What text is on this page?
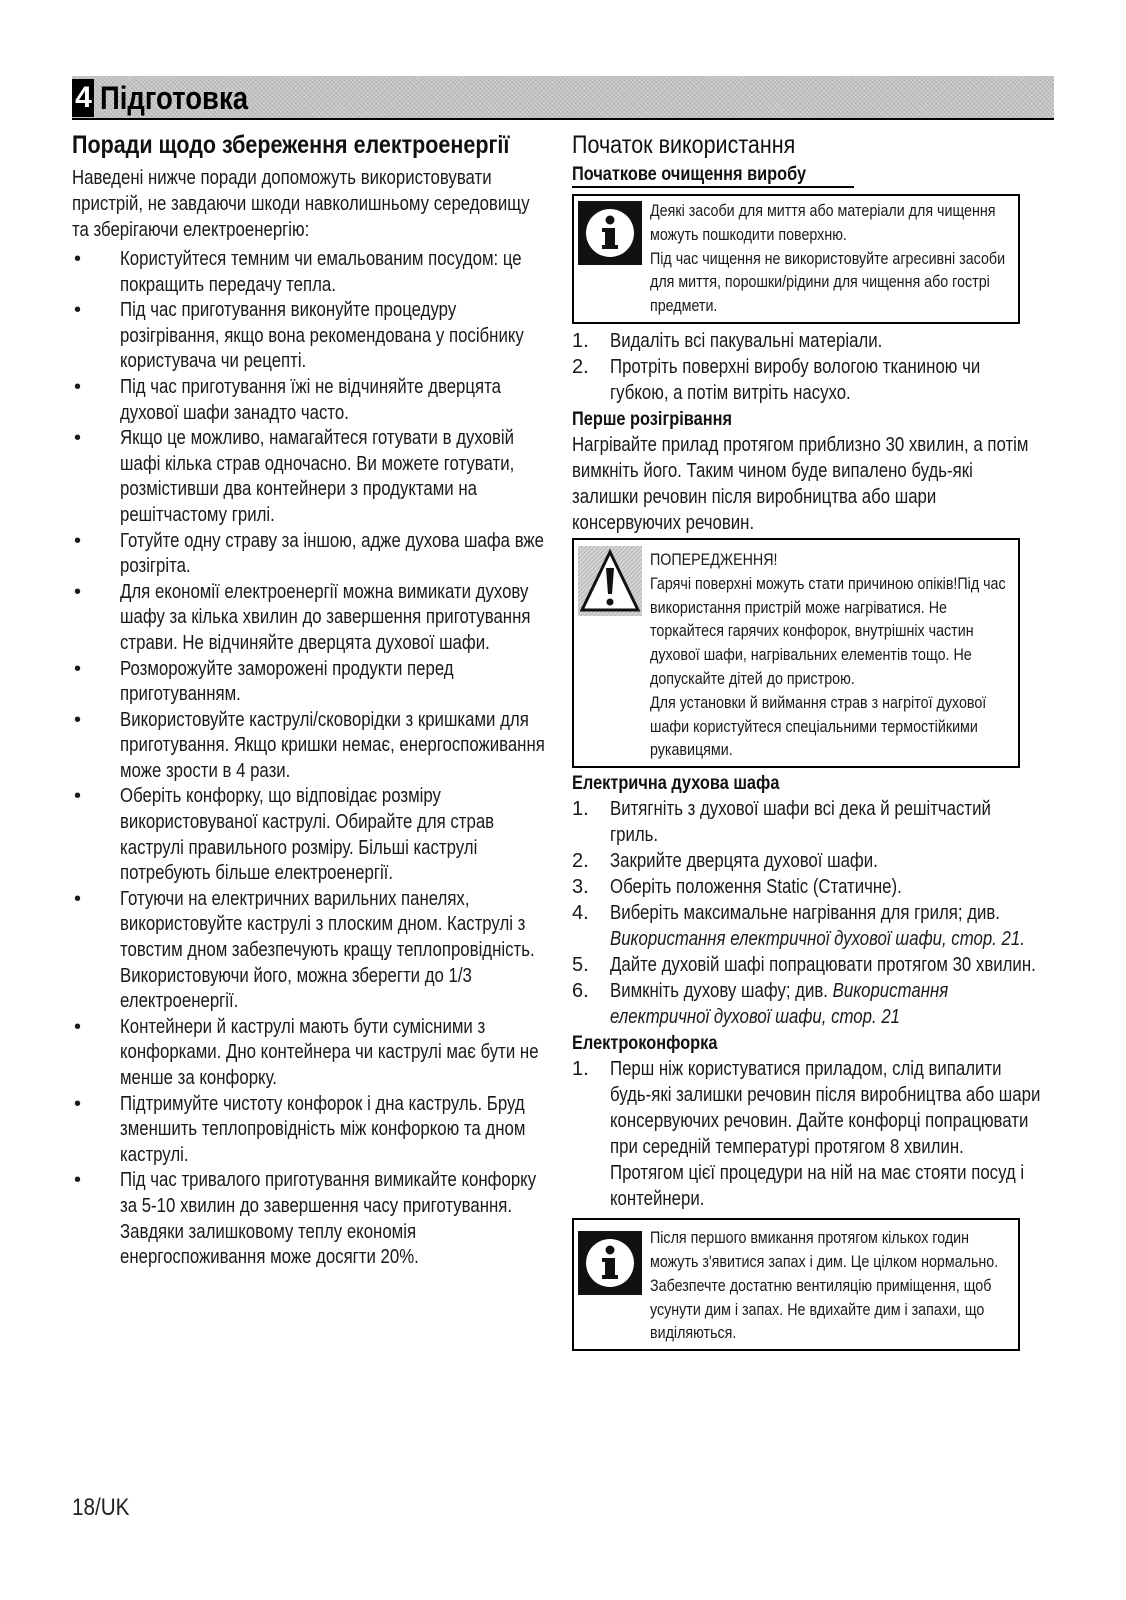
4 Підготовка
Поради щодо збереження електроенергії

Наведені нижче поради допоможуть використовувати пристрій, не завдаючи шкоди навколишньому середовищу та зберігаючи електроенергію:

• Користуйтеся темним чи емальованим посудом: це покращить передачу тепла.
• Під час приготування виконуйте процедуру розігрівання, якщо вона рекомендована у посібнику користувача чи рецепті.
• Під час приготування їжі не відчиняйте дверцята духової шафи занадто часто.
• Якщо це можливо, намагайтеся готувати в духовій шафі кілька страв одночасно. Ви можете готувати, розмістивши два контейнери з продуктами на решітчастому грилі.
• Готуйте одну страву за іншою, адже духова шафа вже розігріта.
• Для економії електроенергії можна вимикати духову шафу за кілька хвилин до завершення приготування страви. Не відчиняйте дверцята духової шафи.
• Розморожуйте заморожені продукти перед приготуванням.
• Використовуйте каструлі/сковорідки з кришками для приготування. Якщо кришки немає, енергоспоживання може зрости в 4 рази.
• Оберіть конфорку, що відповідає розміру використовуваної каструлі. Обирайте для страв каструлі правильного розміру. Більші каструлі потребують більше електроенергії.
• Готуючи на електричних варильних панелях, використовуйте каструлі з плоским дном. Каструлі з товстим дном забезпечують кращу теплопровідність. Використовуючи його, можна зберегти до 1/3 електроенергії.
• Контейнери й каструлі мають бути сумісними з конфорками. Дно контейнера чи каструлі має бути не менше за конфорку.
• Підтримуйте чистоту конфорок і дна каструль. Бруд зменшить теплопровідність між конфоркою та дном каструлі.
• Під час тривалого приготування вимикайте конфорку за 5-10 хвилин до завершення часу приготування. Завдяки залишковому теплу економія енергоспоживання може досягти 20%.
Початок використання
Початкове очищення виробу
Деякі засоби для миття або матеріали для чищення можуть пошкодити поверхню.
Під час чищення не використовуйте агресивні засоби для миття, порошки/рідини для чищення або гострі предмети.
1.	Видаліть всі пакувальні матеріали.
2.	Протріть поверхні виробу вологою тканиною чи губкою, а потім витріть насухо.
Перше розігрівання

Нагрівайте прилад протягом приблизно 30 хвилин, а потім вимкніть його. Таким чином буде випалено будь-які залишки речовин після виробництва або шари консервуючих речовин.

ПОПЕРЕДЖЕННЯ!
Гарячі поверхні можуть стати причиною опіків!Під час використання пристрій може нагріватися. Не торкайтеся гарячих конфорок, внутрішніх частин духової шафи, нагрівальних елементів тощо. Не допускайте дітей до пристрою.
Для установки й виймання страв з нагрітої духової шафи користуйтеся спеціальними термостійкими рукавицями.
Електрична духова шафа
1.	Витягніть з духової шафи всі дека й решітчастий гриль.
2.	Закрийте дверцята духової шафи.
3.	Оберіть положення Static (Статичне).
4.	Виберіть максимальне нагрівання для гриля; див. Використання електричної духової шафи, стор. 21.
5.	Дайте духовій шафі попрацювати протягом 30 хвилин.
6.	Вимкніть духову шафу; див. Використання електричної духової шафи, стор. 21
Електроконфорка
1.	Перш ніж користуватися приладом, слід випалити будь-які залишки речовин після виробництва або шари консервуючих речовин. Дайте конфорці попрацювати при середній температурі протягом 8 хвилин. Протягом цієї процедури на ній на має стояти посуд і контейнери.
Після першого вмикання протягом кількох годин можуть з'явитися запах і дим. Це цілком нормально. Забезпечте достатню вентиляцію приміщення, щоб усунути дим і запах. Не вдихайте дим і запахи, що виділяються.
18/UK
